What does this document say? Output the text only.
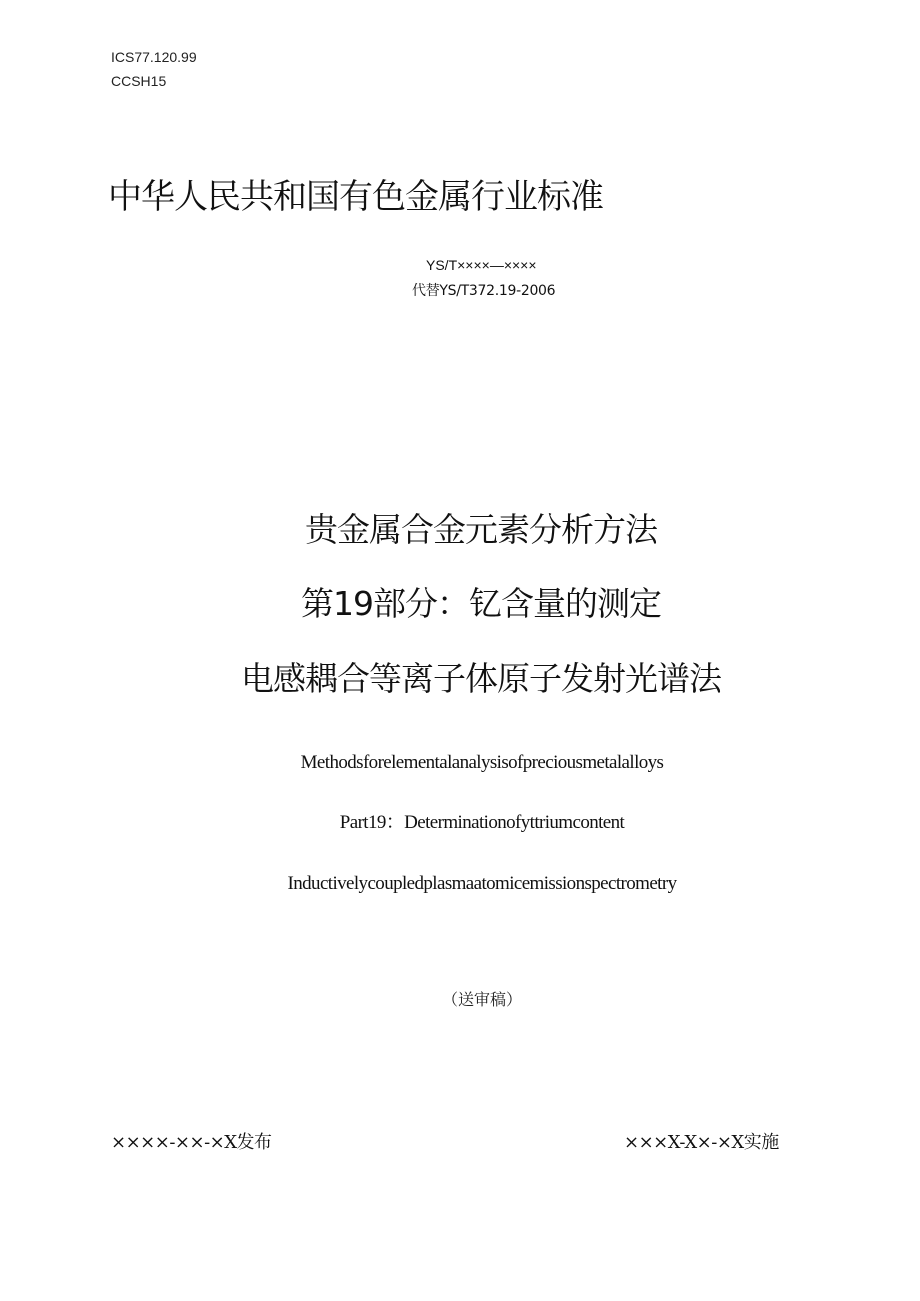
ICS77.120.99
CCSH15
中华人民共和国有色金属行业标准
YS/T××××—××××
代替YS/T372.19-2006
贵金属合金元素分析方法
第19部分：钇含量的测定
电感耦合等离子体原子发射光谱法
Methodsforelementalanalysisofpreciousmetalalloys
Part19：Determinationofyttriumcontent
Inductivelycoupledplasmaatomicemissionspectrometry
（送审稿）
××××-××-×X发布	×××X-X×-×X实施
